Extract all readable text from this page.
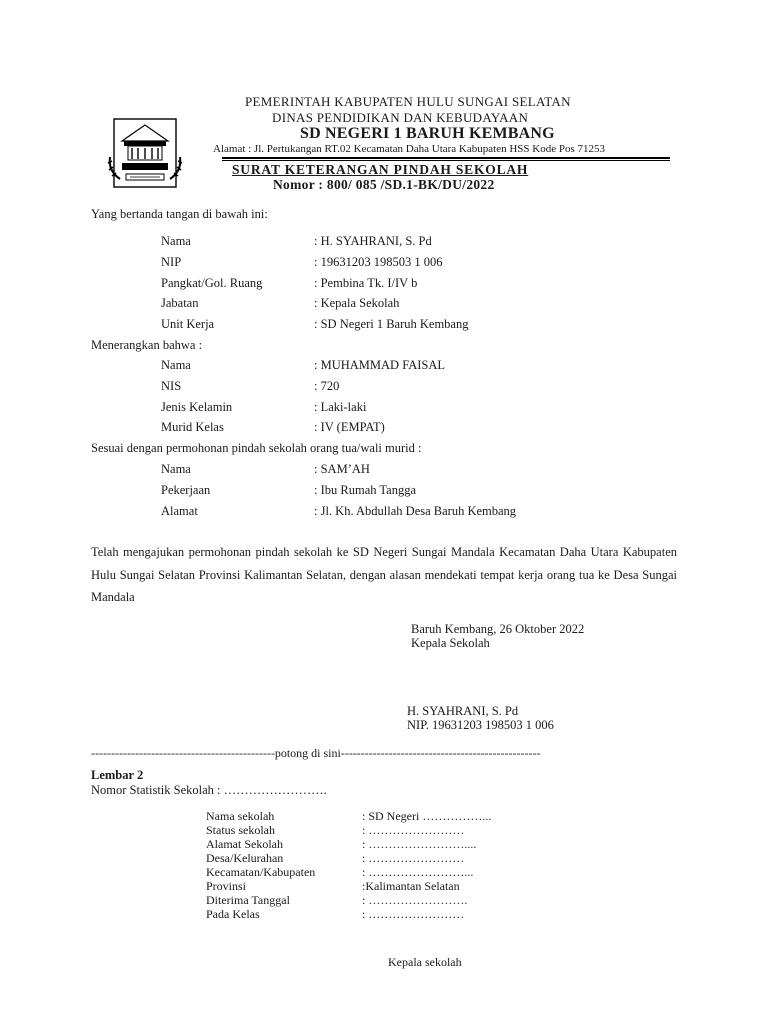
PEMERINTAH KABUPATEN HULU SUNGAI SELATAN
DINAS PENDIDIKAN DAN KEBUDAYAAN
SD NEGERI 1 BARUH KEMBANG
Alamat : Jl. Pertukangan RT.02 Kecamatan Daha Utara Kabupaten HSS Kode Pos 71253
SURAT KETERANGAN PINDAH SEKOLAH
Nomor : 800/ 085 /SD.1-BK/DU/2022
Yang bertanda tangan di bawah ini:
Nama	: H. SYAHRANI, S. Pd
NIP	: 19631203 198503 1 006
Pangkat/Gol. Ruang	: Pembina Tk. I/IV b
Jabatan	: Kepala Sekolah
Unit Kerja	: SD Negeri 1 Baruh Kembang
Menerangkan bahwa :
Nama	: MUHAMMAD FAISAL
NIS	: 720
Jenis Kelamin	: Laki-laki
Murid Kelas	: IV (EMPAT)
Sesuai dengan permohonan pindah sekolah orang tua/wali murid :
Nama	: SAM’AH
Pekerjaan	: Ibu Rumah Tangga
Alamat	: Jl. Kh. Abdullah Desa Baruh Kembang
Telah mengajukan permohonan pindah sekolah ke SD Negeri Sungai Mandala Kecamatan Daha Utara Kabupaten Hulu Sungai Selatan Provinsi Kalimantan Selatan, dengan alasan mendekati tempat kerja orang tua ke Desa Sungai Mandala
Baruh Kembang, 26 Oktober 2022
Kepala Sekolah
H. SYAHRANI, S. Pd
NIP. 19631203 198503 1 006
----------------------------------------------potong di sini--------------------------------------------------
Lembar 2
Nomor Statistik Sekolah : …………………….
Nama sekolah	: SD Negeri ……………...
Status sekolah	: ……………………
Alamat Sekolah	: ……………………....
Desa/Kelurahan	: ……………………
Kecamatan/Kabupaten	: ……………………...
Provinsi	:Kalimantan Selatan
Diterima Tanggal	: …………………….
Pada Kelas	: ……………………
Kepala sekolah
